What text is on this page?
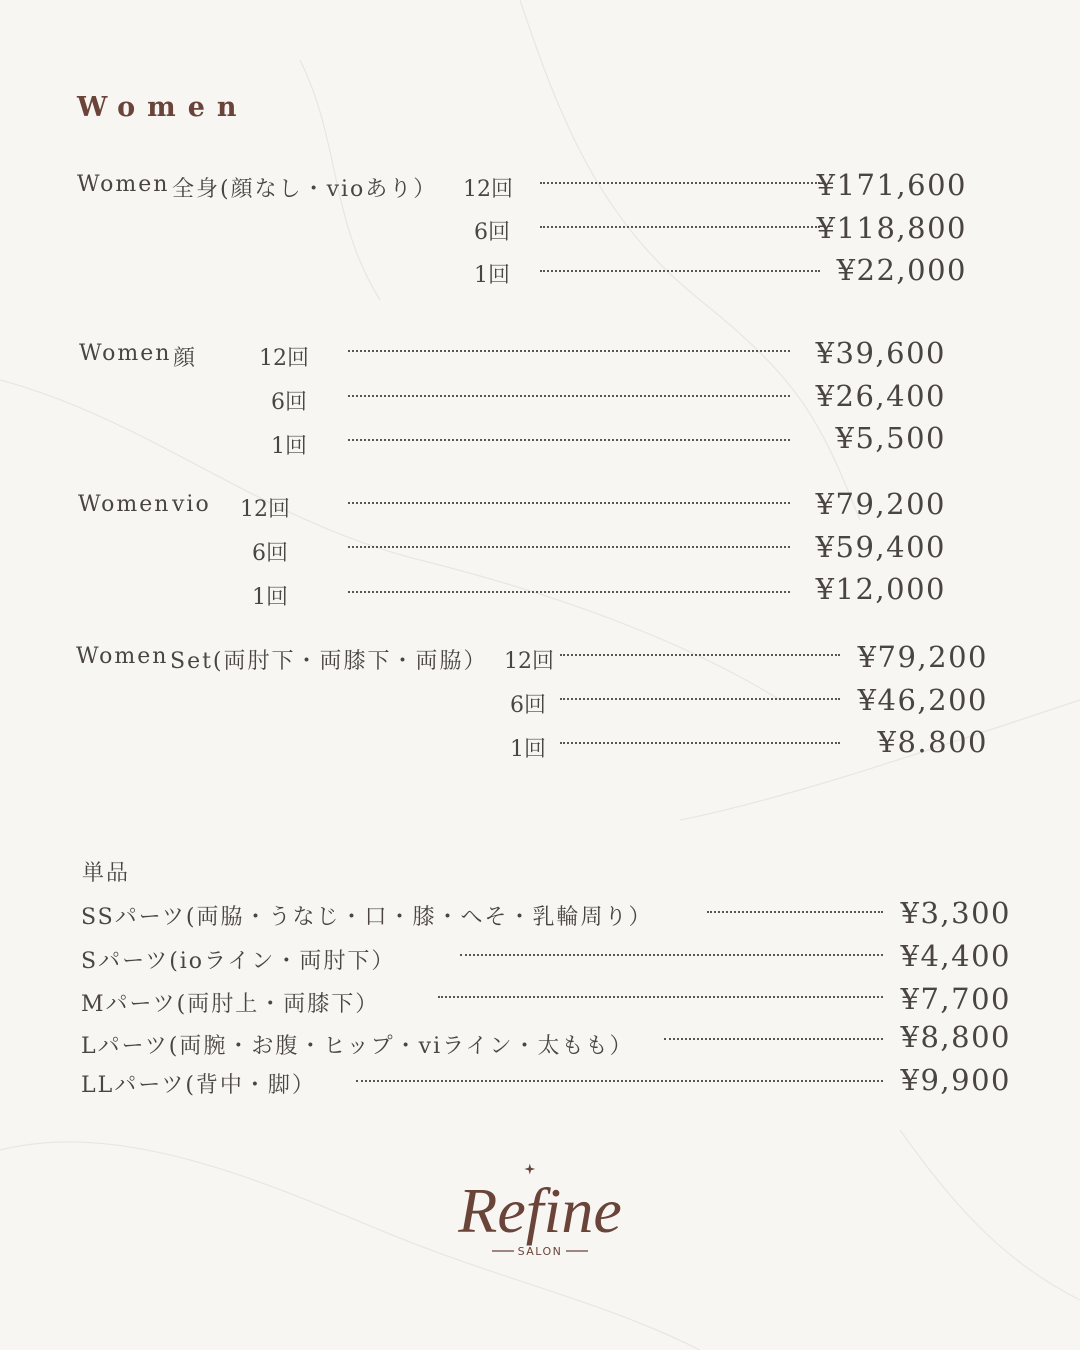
Women
Women 全身(顔なし・vioあり） 12回	¥171,600
6回	¥118,800
1回	¥22,000
Women 顔	12回	¥39,600
6回	¥26,400
1回	¥5,500
Women vio 12回	¥79,200
6回	¥59,400
1回	¥12,000
Women Set(両肘下・両膝下・両脇） 12回	¥79,200
6回	¥46,200
1回	¥8.800
単品
SSパーツ(両脇・うなじ・口・膝・へそ・乳輪周り）	¥3,300
Sパーツ(ioライン・両肘下）	¥4,400
Mパーツ(両肘上・両膝下）	¥7,700
Lパーツ(両腕・お腹・ヒップ・viライン・太もも）	¥8,800
LLパーツ(背中・脚）	¥9,900
Refine
SALON
